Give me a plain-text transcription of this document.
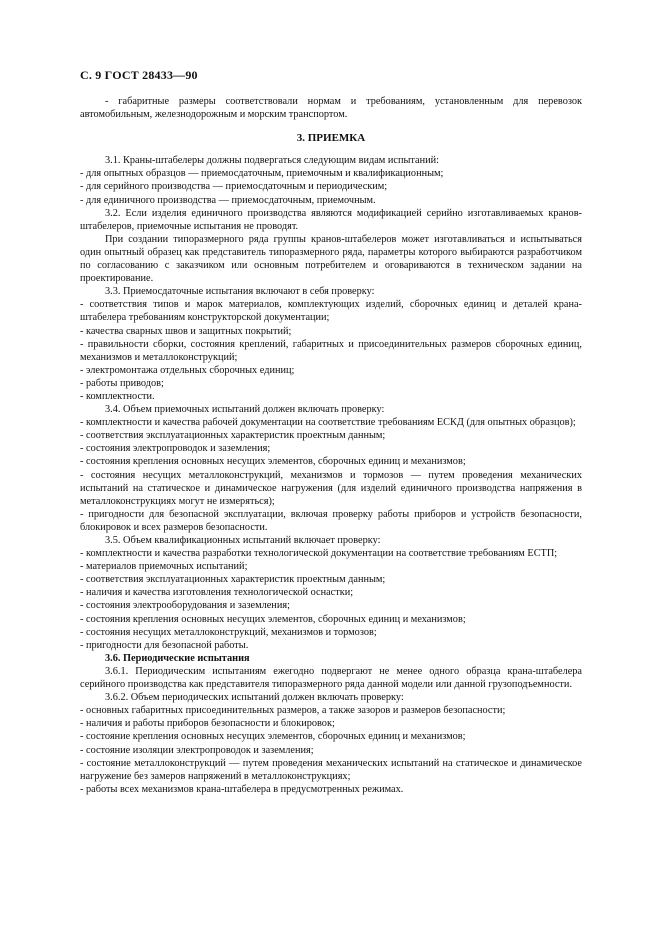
С. 9 ГОСТ 28433—90

- габаритные размеры соответствовали нормам и требованиям, установленным для перевозок автомобильным, железнодорожным и морским транспортом.

3. ПРИЕМКА

3.1. Краны-штабелеры должны подвергаться следующим видам испытаний:

- для опытных образцов — приемосдаточным, приемочным и квалификационным;

- для серийного производства — приемосдаточным и периодическим;

- для единичного производства — приемосдаточным, приемочным.

3.2. Если изделия единичного производства являются модификацией серийно изготавливаемых кранов-штабелеров, приемочные испытания не проводят.

При создании типоразмерного ряда группы кранов-штабелеров может изготавливаться и испытываться один опытный образец как представитель типоразмерного ряда, параметры которого выбираются разработчиком по согласованию с заказчиком или основным потребителем и оговариваются в техническом задании на проектирование.

3.3. Приемосдаточные испытания включают в себя проверку:

- соответствия типов и марок материалов, комплектующих изделий, сборочных единиц и деталей крана-штабелера требованиям конструкторской документации;

- качества сварных швов и защитных покрытий;

- правильности сборки, состояния креплений, габаритных и присоединительных размеров сборочных единиц, механизмов и металлоконструкций;

- электромонтажа отдельных сборочных единиц;

- работы приводов;

- комплектности.

3.4. Объем приемочных испытаний должен включать проверку:

- комплектности и качества рабочей документации на соответствие требованиям ЕСКД (для опытных образцов);

- соответствия эксплуатационных характеристик проектным данным;

- состояния электропроводок и заземления;

- состояния крепления основных несущих элементов, сборочных единиц и механизмов;

- состояния несущих металлоконструкций, механизмов и тормозов — путем проведения механических испытаний на статическое и динамическое нагружения (для изделий единичного производства напряжения в металлоконструкциях могут не измеряться);

- пригодности для безопасной эксплуатации, включая проверку работы приборов и устройств безопасности, блокировок и всех размеров безопасности.

3.5. Объем квалификационных испытаний включает проверку:

- комплектности и качества разработки технологической документации на соответствие требованиям ЕСТП;

- материалов приемочных испытаний;

- соответствия эксплуатационных характеристик проектным данным;

- наличия и качества изготовления технологической оснастки;

- состояния электрооборудования и заземления;

- состояния крепления основных несущих элементов, сборочных единиц и механизмов;

- состояния несущих металлоконструкций, механизмов и тормозов;

- пригодности для безопасной работы.

3.6. Периодические испытания

3.6.1. Периодическим испытаниям ежегодно подвергают не менее одного образца крана-штабелера серийного производства как представителя типоразмерного ряда данной модели или данной грузоподъемности.

3.6.2. Объем периодических испытаний должен включать проверку:

- основных габаритных присоединительных размеров, а также зазоров и размеров безопасности;

- наличия и работы приборов безопасности и блокировок;

- состояние крепления основных несущих элементов, сборочных единиц и механизмов;

- состояние изоляции электропроводок и заземления;

- состояние металлоконструкций — путем проведения механических испытаний на статическое и динамическое нагружение без замеров напряжений в металлоконструкциях;

- работы всех механизмов крана-штабелера в предусмотренных режимах.
